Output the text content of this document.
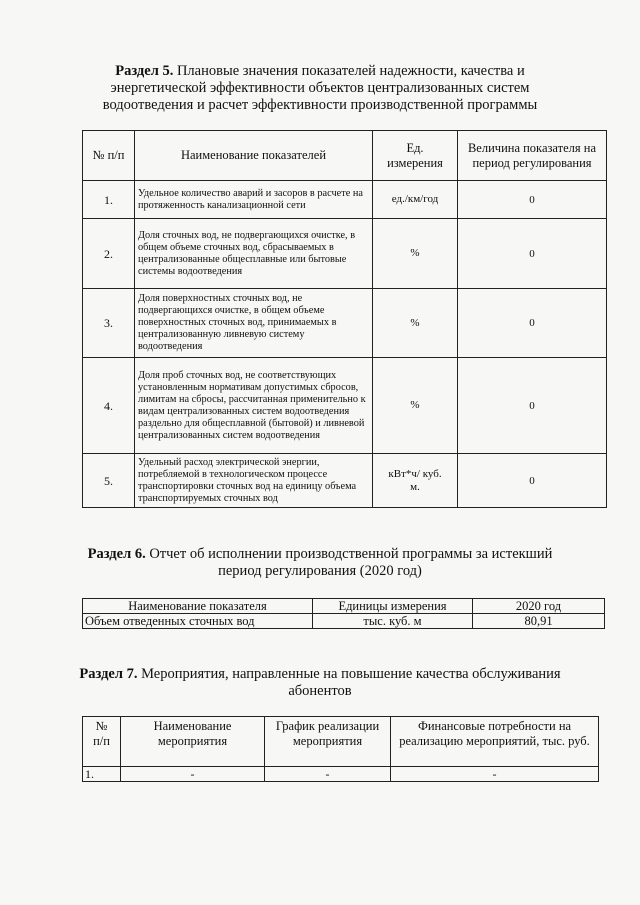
Раздел 5. Плановые значения показателей надежности, качества и
энергетической эффективности объектов централизованных систем
водоотведения и расчет эффективности производственной программы
№ п/п	Наименование показателей	Ед. измерения	Величина показателя на период регулирования
1.	Удельное количество аварий и засоров в расчете на протяженность канализационной сети	ед./км/год	0
2.	Доля сточных вод, не подвергающихся очистке, в общем объеме сточных вод, сбрасываемых в централизованные общесплавные или бытовые системы водоотведения	%	0
3.	Доля поверхностных сточных вод, не подвергающихся очистке, в общем объеме поверхностных сточных вод, принимаемых в централизованную ливневую систему водоотведения	%	0
4.	Доля проб сточных вод, не соответствующих установленным нормативам допустимых сбросов, лимитам на сбросы, рассчитанная применительно к видам централизованных систем водоотведения раздельно для общесплавной (бытовой) и ливневой централизованных систем водоотведения	%	0
5.	Удельный расход электрической энергии, потребляемой в технологическом процессе транспортировки сточных вод на единицу объема транспортируемых сточных вод	кВт*ч/ куб. м.	0
Раздел 6. Отчет об исполнении производственной программы за истекший
период регулирования (2020 год)
Наименование показателя	Единицы измерения	2020 год
Объем отведенных сточных вод	тыс. куб. м	80,91
Раздел 7. Мероприятия, направленные на повышение качества обслуживания
абонентов
№ п/п	Наименование мероприятия	График реализации мероприятия	Финансовые потребности на реализацию мероприятий, тыс. руб.
1.	-	-	-
